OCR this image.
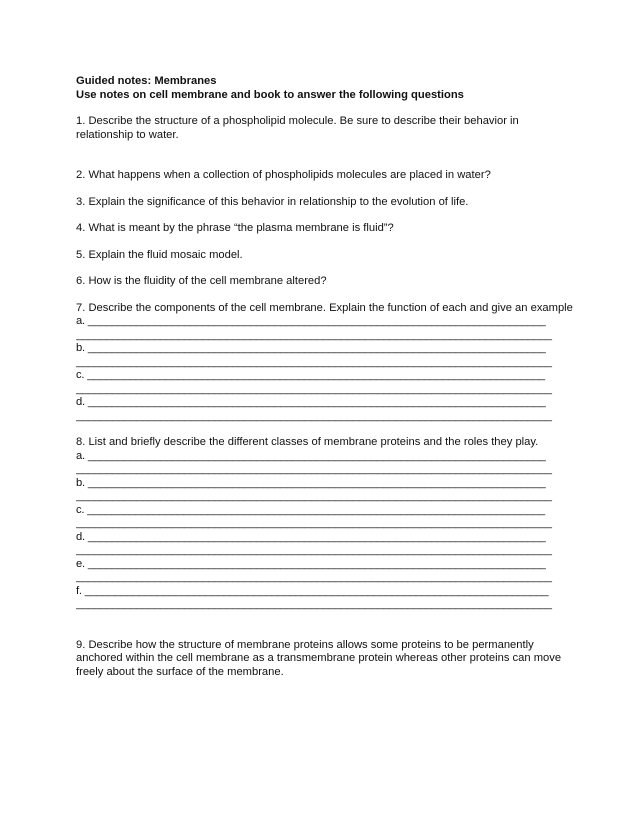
Guided notes: Membranes
Use notes on cell membrane and book to answer the following questions

1. Describe the structure of a phospholipid molecule. Be sure to describe their behavior in relationship to water.

2. What happens when a collection of phospholipids molecules are placed in water?

3. Explain the significance of this behavior in relationship to the evolution of life.

4. What is meant by the phrase “the plasma membrane is fluid”?

5. Explain the fluid mosaic model.

6. How is the fluidity of the cell membrane altered?

7. Describe the components of the cell membrane. Explain the function of each and give an example

a. ____________________________________________________________________________
_______________________________________________________________________________
b. ____________________________________________________________________________
_______________________________________________________________________________
c. ____________________________________________________________________________
_______________________________________________________________________________
d. ____________________________________________________________________________
_______________________________________________________________________________

8. List and briefly describe the different classes of membrane proteins and the roles they play.

a. ____________________________________________________________________________
_______________________________________________________________________________
b. ____________________________________________________________________________
_______________________________________________________________________________
c. ____________________________________________________________________________
_______________________________________________________________________________
d. ____________________________________________________________________________
_______________________________________________________________________________
e. ____________________________________________________________________________
_______________________________________________________________________________
f. _____________________________________________________________________________
_______________________________________________________________________________

9. Describe how the structure of membrane proteins allows some proteins to be permanently anchored within the cell membrane as a transmembrane protein whereas other proteins can move freely about the surface of the membrane.
